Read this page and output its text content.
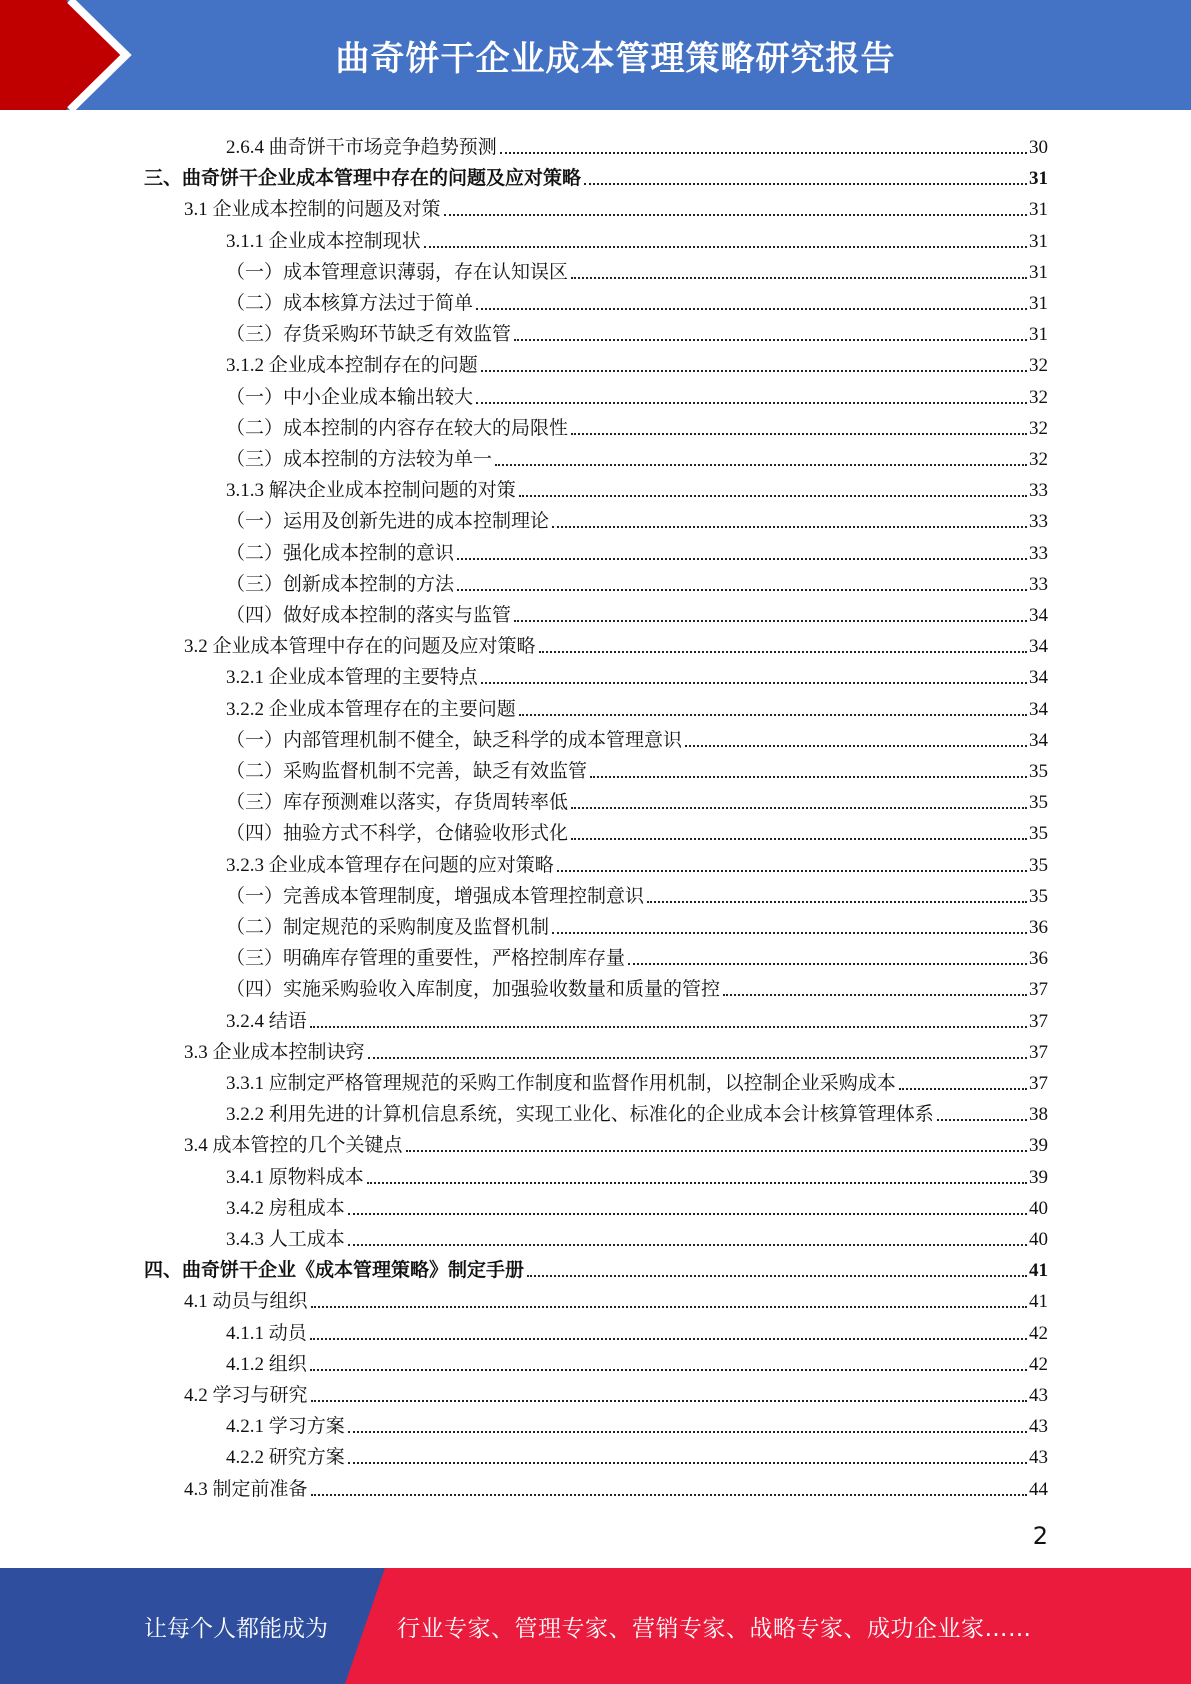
曲奇饼干企业成本管理策略研究报告
2.6.4 曲奇饼干市场竞争趋势预测	30
三、曲奇饼干企业成本管理中存在的问题及应对策略	31
3.1 企业成本控制的问题及对策	31
3.1.1 企业成本控制现状	31
（一）成本管理意识薄弱，存在认知误区	31
（二）成本核算方法过于简单	31
（三）存货采购环节缺乏有效监管	31
3.1.2 企业成本控制存在的问题	32
（一）中小企业成本输出较大	32
（二）成本控制的内容存在较大的局限性	32
（三）成本控制的方法较为单一	32
3.1.3 解决企业成本控制问题的对策	33
（一）运用及创新先进的成本控制理论	33
（二）强化成本控制的意识	33
（三）创新成本控制的方法	33
（四）做好成本控制的落实与监管	34
3.2 企业成本管理中存在的问题及应对策略	34
3.2.1 企业成本管理的主要特点	34
3.2.2 企业成本管理存在的主要问题	34
（一）内部管理机制不健全，缺乏科学的成本管理意识	34
（二）采购监督机制不完善，缺乏有效监管	35
（三）库存预测难以落实，存货周转率低	35
（四）抽验方式不科学，仓储验收形式化	35
3.2.3 企业成本管理存在问题的应对策略	35
（一）完善成本管理制度，增强成本管理控制意识	35
（二）制定规范的采购制度及监督机制	36
（三）明确库存管理的重要性，严格控制库存量	36
（四）实施采购验收入库制度，加强验收数量和质量的管控	37
3.2.4 结语	37
3.3 企业成本控制诀窍	37
3.3.1 应制定严格管理规范的采购工作制度和监督作用机制，以控制企业采购成本	37
3.2.2 利用先进的计算机信息系统，实现工业化、标准化的企业成本会计核算管理体系	38
3.4 成本管控的几个关键点	39
3.4.1 原物料成本	39
3.4.2 房租成本	40
3.4.3 人工成本	40
四、曲奇饼干企业《成本管理策略》制定手册	41
4.1 动员与组织	41
4.1.1 动员	42
4.1.2 组织	42
4.2 学习与研究	43
4.2.1 学习方案	43
4.2.2 研究方案	43
4.3 制定前准备	44
2
让每个人都能成为	行业专家、管理专家、营销专家、战略专家、成功企业家……
